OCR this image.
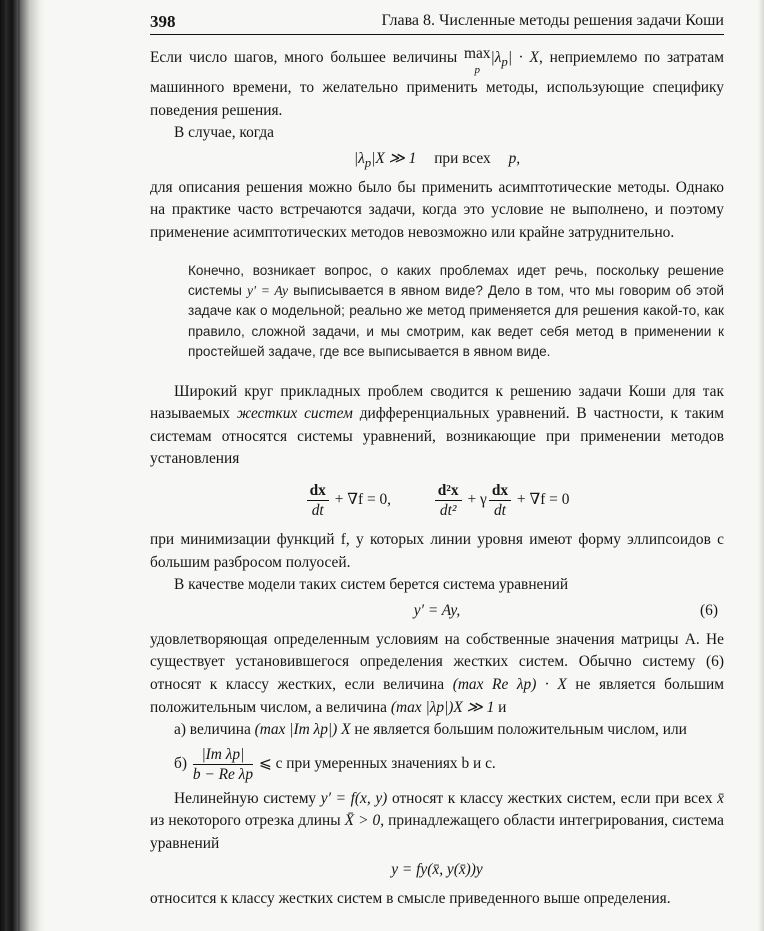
398	Глава 8. Численные методы решения задачи Коши

Если число шагов, много большее величины max
p
$|\lambda_p| \cdot X$, неприемлемо по затратам машинного времени, то желательно применить методы, использующие специфику поведения решения.

В случае, когда

$|\lambda_p|X$ ≫ 1 при всех p,

для описания решения можно было бы применить асимптотические методы. Однако на практике часто встречаются задачи, когда это условие не выполнено, и поэтому применение асимптотических методов невозможно или крайне затруднительно.

Конечно, возникает вопрос, о каких проблемах идет речь, поскольку решение системы y′ = Ay выписывается в явном виде? Дело в том, что мы говорим об этой задаче как о модельной; реально же метод применяется для решения какой-то, как правило, сложной задачи, и мы смотрим, как ведет себя метод в применении к простейшей задаче, где все выписывается в явном виде.

Широкий круг прикладных проблем сводится к решению задачи Коши для так называемых жестких систем дифференциальных уравнений. В частности, к таким системам относятся системы уравнений, возникающие при применении методов установления

$\frac{dx}{dt} + \nabla f = 0$,	$\frac{\text{d²x}}{\text{dt²}} + \gamma \frac{dx}{dt} + \nabla f = 0$

при минимизации функций f, у которых линии уровня имеют форму эллипсоидов с большим разбросом полуосей.

В качестве модели таких систем берется система уравнений

y′ = Ay,	(6)

удовлетворяющая определенным условиям на собственные значения матрицы A. Не существует установившегося определения жестких систем. Обычно систему (6) относят к классу жестких, если величина (max Re λp) · X не является большим положительным числом, а величина (max |λp|)X ≫ 1 и

а) величина (max |Im λp|) X не является большим положительным числом, или
$б) \frac{\text{|Im λp|}}{\text{b − Re λp}}$ ⩽ c при умеренных значениях b и c.

Нелинейную систему y′ = f(x, y) относят к классу жестких систем, если при всех x̄ из некоторого отрезка длины X̄ > 0, принадлежащего области интегрирования, система уравнений

y = fy(x̄, y(x̄))y

относится к классу жестких систем в смысле приведенного выше определения.
